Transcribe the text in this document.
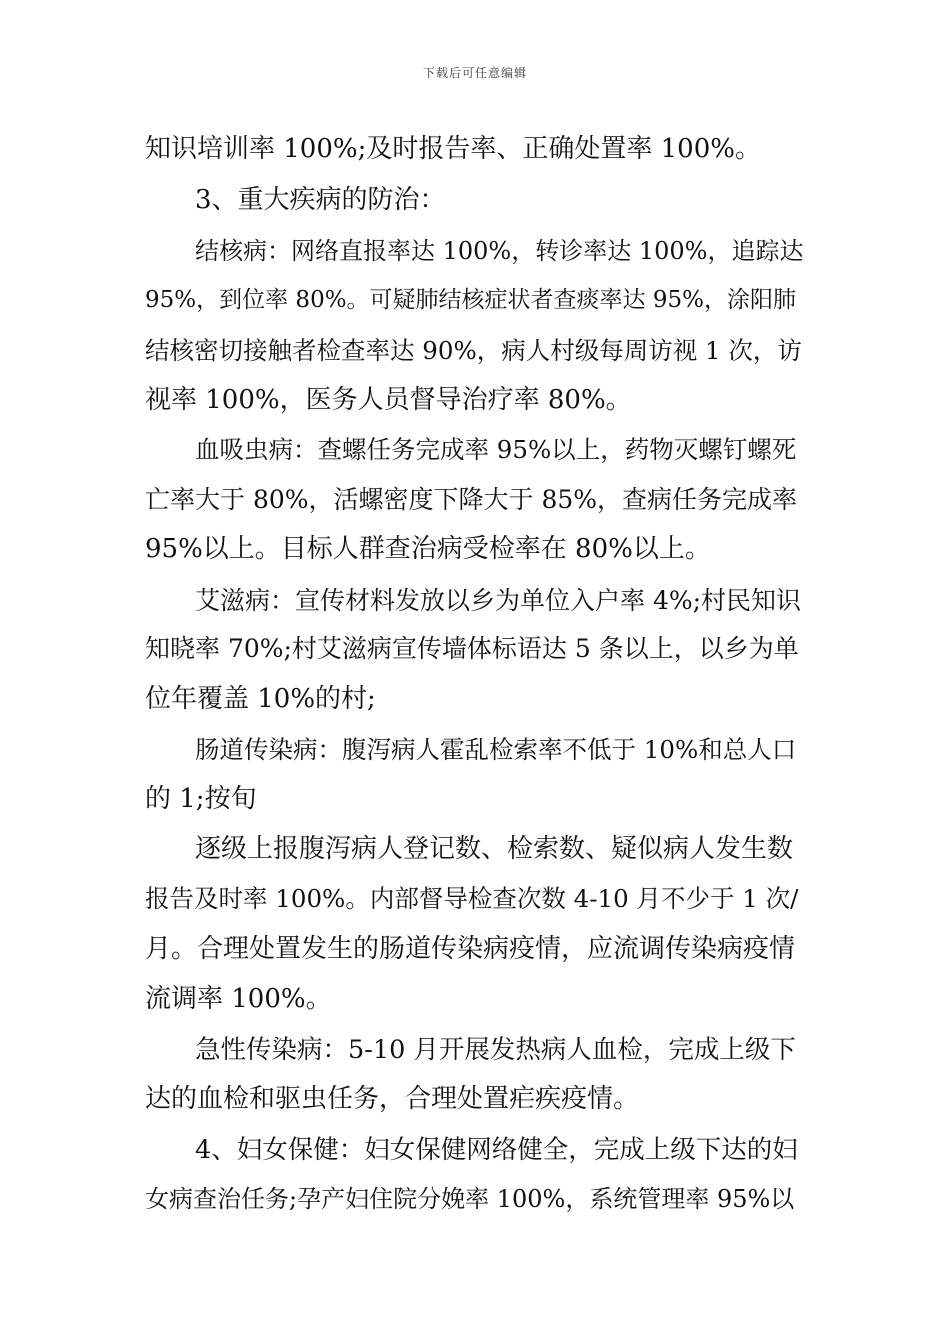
下载后可任意编辑
知识培训率 100%;及时报告率、正确处置率 100%。
3、重大疾病的防治：
结核病：网络直报率达 100%，转诊率达 100%，追踪达
95%，到位率 80%。可疑肺结核症状者查痰率达 95%，涂阳肺
结核密切接触者检查率达 90%，病人村级每周访视 1 次，访
视率 100%，医务人员督导治疗率 80%。
血吸虫病：查螺任务完成率 95%以上，药物灭螺钉螺死
亡率大于 80%，活螺密度下降大于 85%，查病任务完成率
95%以上。目标人群查治病受检率在 80%以上。
艾滋病：宣传材料发放以乡为单位入户率 4%;村民知识
知晓率 70%;村艾滋病宣传墙体标语达 5 条以上，以乡为单
位年覆盖 10%的村;
肠道传染病：腹泻病人霍乱检索率不低于 10%和总人口
的 1;按旬
逐级上报腹泻病人登记数、检索数、疑似病人发生数
报告及时率 100%。内部督导检查次数 4-10 月不少于 1 次/
月。合理处置发生的肠道传染病疫情，应流调传染病疫情
流调率 100%。
急性传染病：5-10 月开展发热病人血检，完成上级下
达的血检和驱虫任务，合理处置疟疾疫情。
4、妇女保健：妇女保健网络健全，完成上级下达的妇
女病查治任务;孕产妇住院分娩率 100%，系统管理率 95%以
